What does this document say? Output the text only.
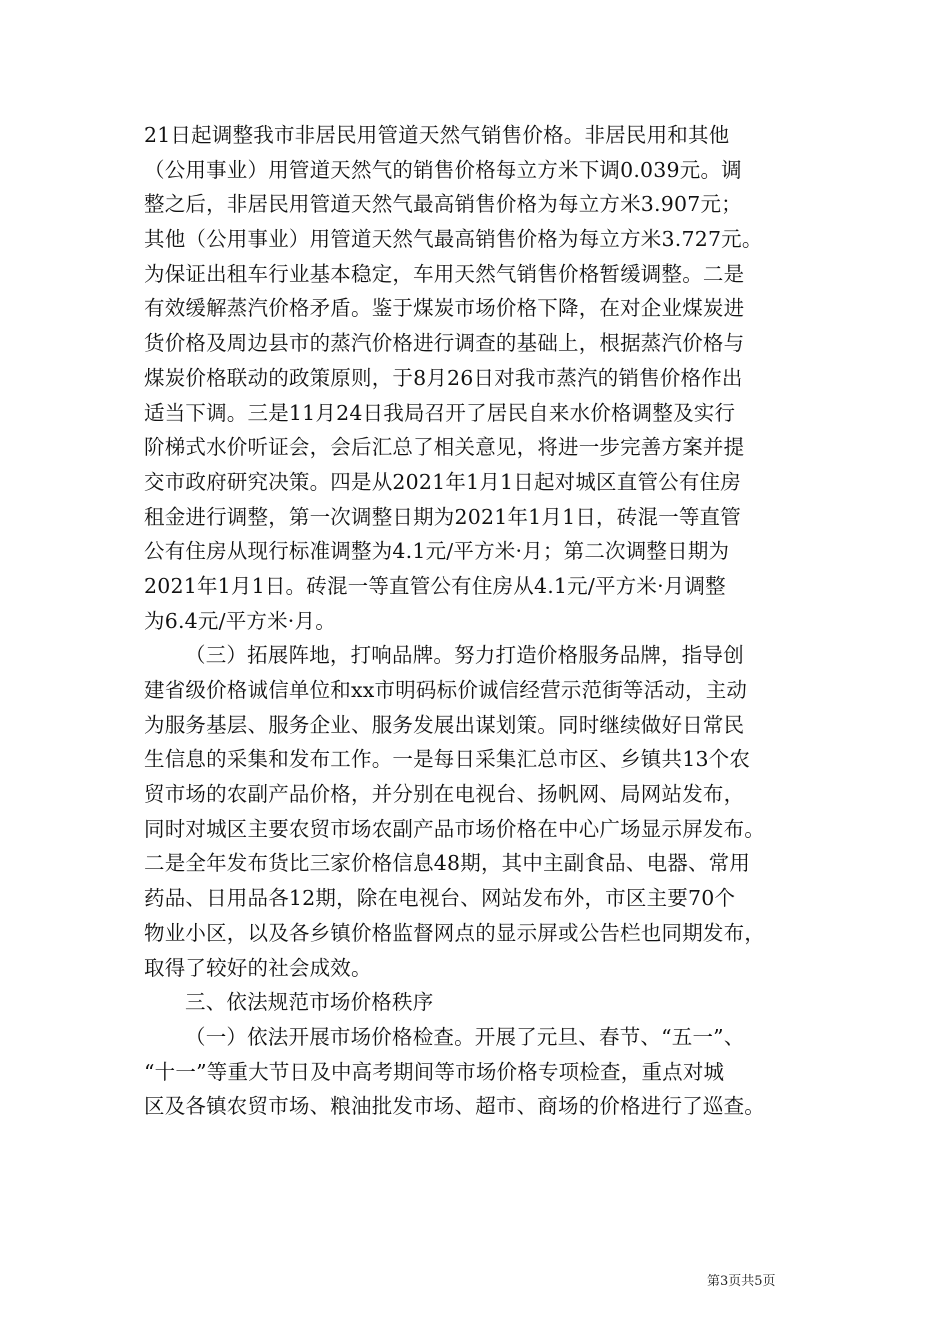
21日起调整我市非居民用管道天然气销售价格。非居民用和其他
（公用事业）用管道天然气的销售价格每立方米下调0.039元。调
整之后，非居民用管道天然气最高销售价格为每立方米3.907元；
其他（公用事业）用管道天然气最高销售价格为每立方米3.727元。
为保证出租车行业基本稳定，车用天然气销售价格暂缓调整。二是
有效缓解蒸汽价格矛盾。鉴于煤炭市场价格下降，在对企业煤炭进
货价格及周边县市的蒸汽价格进行调查的基础上，根据蒸汽价格与
煤炭价格联动的政策原则，于8月26日对我市蒸汽的销售价格作出
适当下调。三是11月24日我局召开了居民自来水价格调整及实行
阶梯式水价听证会，会后汇总了相关意见，将进一步完善方案并提
交市政府研究决策。四是从2021年1月1日起对城区直管公有住房
租金进行调整，第一次调整日期为2021年1月1日，砖混一等直管
公有住房从现行标准调整为4.1元/平方米·月；第二次调整日期为
2021年1月1日。砖混一等直管公有住房从4.1元/平方米·月调整
为6.4元/平方米·月。

（三）拓展阵地，打响品牌。努力打造价格服务品牌，指导创
建省级价格诚信单位和xx市明码标价诚信经营示范街等活动，主动
为服务基层、服务企业、服务发展出谋划策。同时继续做好日常民
生信息的采集和发布工作。一是每日采集汇总市区、乡镇共13个农
贸市场的农副产品价格，并分别在电视台、扬帆网、局网站发布，
同时对城区主要农贸市场农副产品市场价格在中心广场显示屏发布。
二是全年发布货比三家价格信息48期，其中主副食品、电器、常用
药品、日用品各12期，除在电视台、网站发布外，市区主要70个
物业小区，以及各乡镇价格监督网点的显示屏或公告栏也同期发布，
取得了较好的社会成效。

三、依法规范市场价格秩序

（一）依法开展市场价格检查。开展了元旦、春节、“五一”、
“十一”等重大节日及中高考期间等市场价格专项检查，重点对城
区及各镇农贸市场、粮油批发市场、超市、商场的价格进行了巡查。

第3页共5页
